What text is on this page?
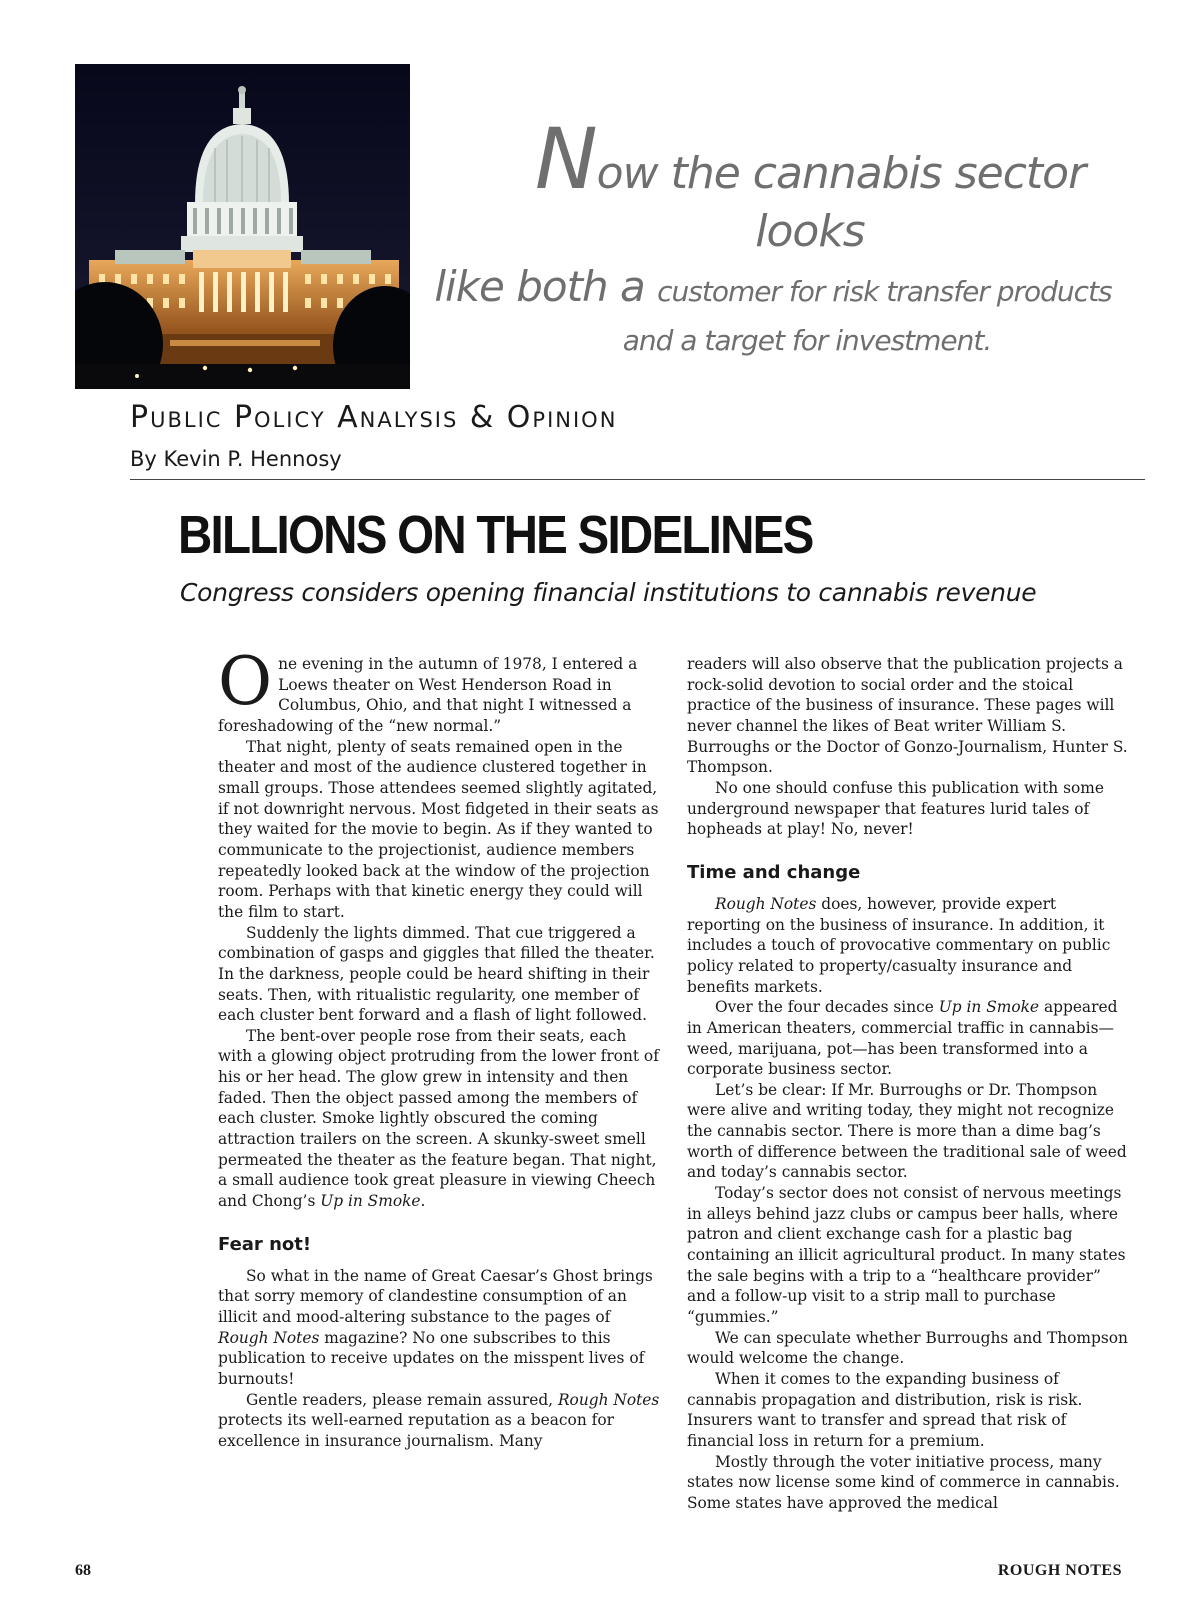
Now the cannabis sector looks
like both a customer for risk transfer products
and a target for investment.
Public Policy Analysis & Opinion
By Kevin P. Hennosy
BILLIONS ON THE SIDELINES
Congress considers opening financial institutions to cannabis revenue

One evening in the autumn of 1978, I entered a Loews theater on West Henderson Road in Columbus, Ohio, and that night I witnessed a foreshadowing of the “new normal.”

That night, plenty of seats remained open in the theater and most of the audience clustered together in small groups. Those attendees seemed slightly agitated, if not downright nervous. Most fidgeted in their seats as they waited for the movie to begin. As if they wanted to communicate to the projectionist, audience members repeatedly looked back at the window of the projection room. Perhaps with that kinetic energy they could will the film to start.

Suddenly the lights dimmed. That cue triggered a combination of gasps and giggles that filled the theater. In the darkness, people could be heard shifting in their seats. Then, with ritualistic regularity, one member of each cluster bent forward and a flash of light followed.

The bent-over people rose from their seats, each with a glowing object protruding from the lower front of his or her head. The glow grew in intensity and then faded. Then the object passed among the members of each cluster. Smoke lightly obscured the coming attraction trailers on the screen. A skunky-sweet smell permeated the theater as the feature began. That night, a small audience took great pleasure in viewing Cheech and Chong’s Up in Smoke.

Fear not!

So what in the name of Great Caesar’s Ghost brings that sorry memory of clandestine consumption of an illicit and mood-altering substance to the pages of Rough Notes magazine? No one subscribes to this publication to receive updates on the misspent lives of burnouts!

Gentle readers, please remain assured, Rough Notes protects its well-earned reputation as a beacon for excellence in insurance journalism. Many

readers will also observe that the publication projects a rock-solid devotion to social order and the stoical practice of the business of insurance. These pages will never channel the likes of Beat writer William S. Burroughs or the Doctor of Gonzo-Journalism, Hunter S. Thompson.

No one should confuse this publication with some underground newspaper that features lurid tales of hopheads at play! No, never!

Time and change

Rough Notes does, however, provide expert reporting on the business of insurance. In addition, it includes a touch of provocative commentary on public policy related to property/casualty insurance and benefits markets.

Over the four decades since Up in Smoke appeared in American theaters, commercial traffic in cannabis—weed, marijuana, pot—has been transformed into a corporate business sector.

Let’s be clear: If Mr. Burroughs or Dr. Thompson were alive and writing today, they might not recognize the cannabis sector. There is more than a dime bag’s worth of difference between the traditional sale of weed and today’s cannabis sector.

Today’s sector does not consist of nervous meetings in alleys behind jazz clubs or campus beer halls, where patron and client exchange cash for a plastic bag containing an illicit agricultural product. In many states the sale begins with a trip to a “healthcare provider” and a follow-up visit to a strip mall to purchase “gummies.”

We can speculate whether Burroughs and Thompson would welcome the change.

When it comes to the expanding business of cannabis propagation and distribution, risk is risk. Insurers want to transfer and spread that risk of financial loss in return for a premium.

Mostly through the voter initiative process, many states now license some kind of commerce in cannabis. Some states have approved the medical

68	ROUGH NOTES
